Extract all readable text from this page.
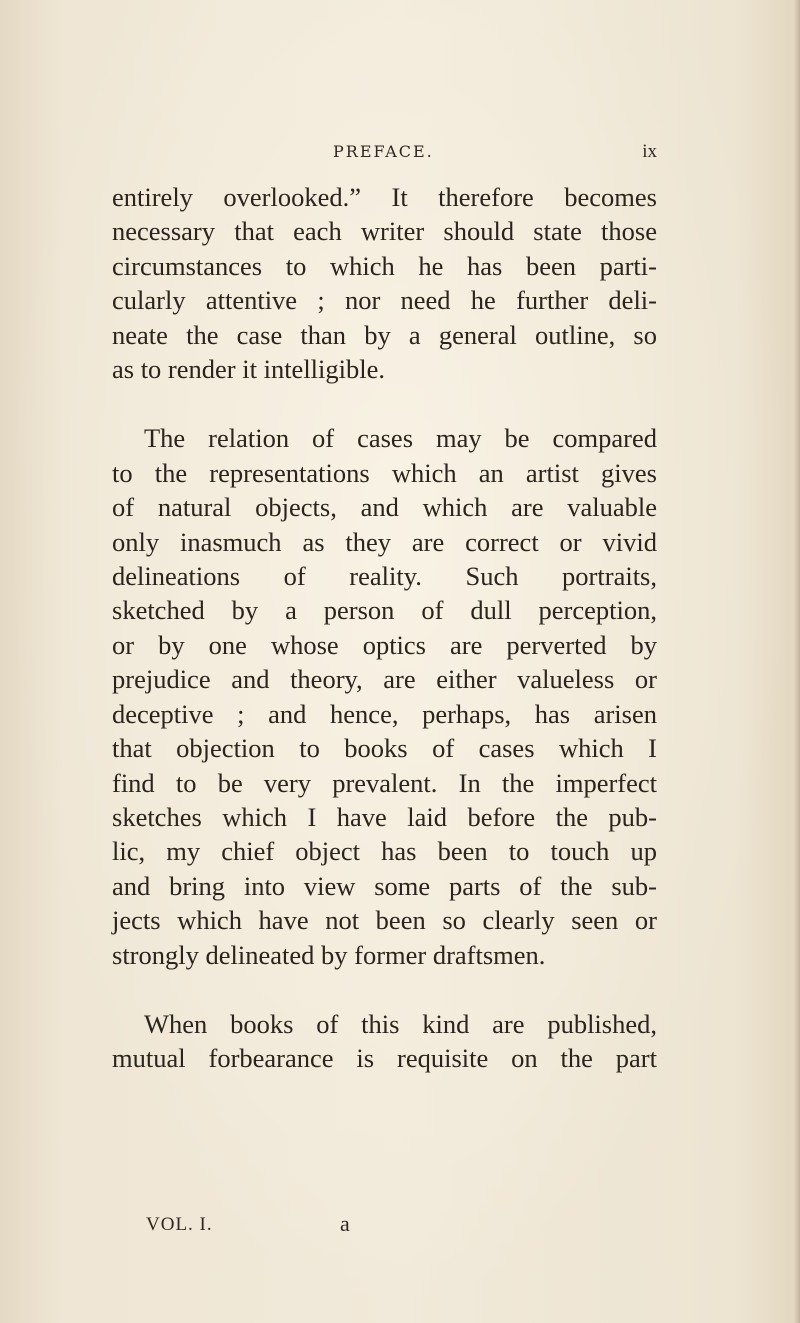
PREFACE.	ix
entirely overlooked.” It therefore becomes
necessary that each writer should state those
circumstances to which he has been parti-
cularly attentive ; nor need he further deli-
neate the case than by a general outline, so
as to render it intelligible.
The relation of cases may be compared
to the representations which an artist gives
of natural objects, and which are valuable
only inasmuch as they are correct or vivid
delineations of reality. Such portraits,
sketched by a person of dull perception,
or by one whose optics are perverted by
prejudice and theory, are either valueless or
deceptive ; and hence, perhaps, has arisen
that objection to books of cases which I
find to be very prevalent. In the imperfect
sketches which I have laid before the pub-
lic, my chief object has been to touch up
and bring into view some parts of the sub-
jects which have not been so clearly seen or
strongly delineated by former draftsmen.
When books of this kind are published,
mutual forbearance is requisite on the part
VOL. I.	a
